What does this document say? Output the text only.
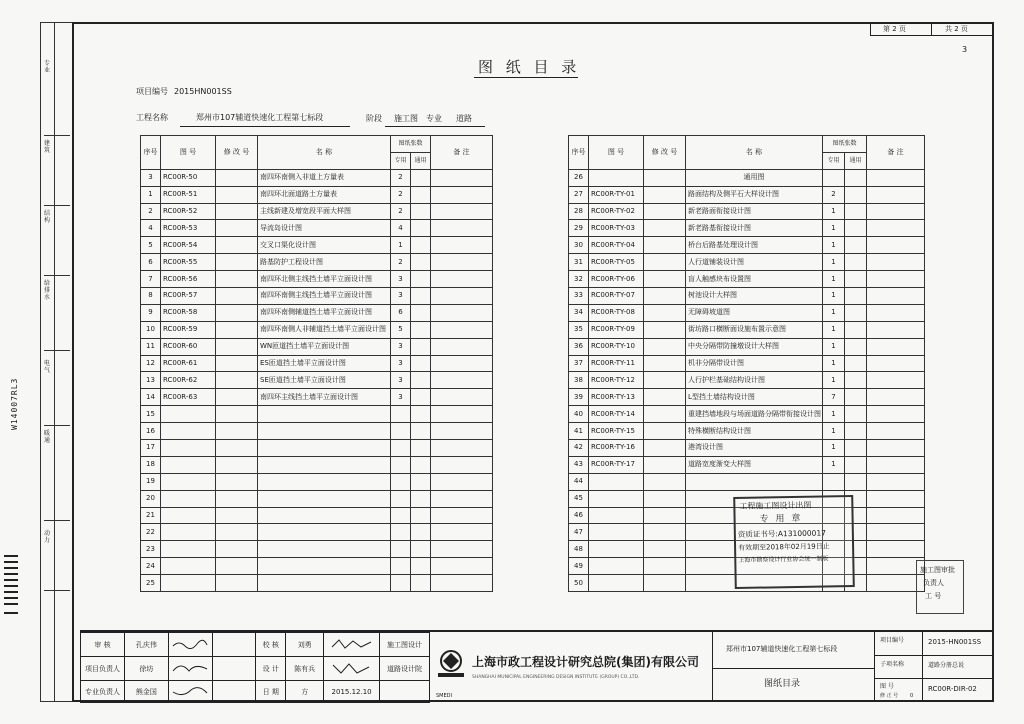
专 业
建 筑
结 构
给 排 水
电 气
暖 通
动 力
W14007RL3
第 2 页	共 2 页
3
图 纸 目 录
项目编号 2015HN001SS
工程名称	郑州市107辅道快速化工程第七标段	阶段 施工图 专业 道路
序号	图 号	修 改 号	名 称	图纸张数		备 注
				专用	通用	
3	RC00R-50		南四环南侧入非道上方量表	2		
1	RC00R-51		南四环北面道路土方量表	2		
2	RC00R-52		主线新建及增宽段平面大样图	2		
4	RC00R-53		导流岛设计图	4		
5	RC00R-54		交叉口渠化设计图	1		
6	RC00R-55		路基防护工程设计图	2		
7	RC00R-56		南四环北侧主线挡土墙平立面设计图	3		
8	RC00R-57		南四环南侧主线挡土墙平立面设计图	3		
9	RC00R-58		南四环南侧辅道挡土墙平立面设计图	6		
10	RC00R-59		南四环南侧人非辅道挡土墙平立面设计图	5		
11	RC00R-60		WN匝道挡土墙平立面设计图	3		
12	RC00R-61		ES匝道挡土墙平立面设计图	3		
13	RC00R-62		SE匝道挡土墙平立面设计图	3		
14	RC00R-63		南四环主线挡土墙平立面设计图	3		
15						
16						
17						
18						
19						
20						
21						
22						
23						
24						
25						
序号	图 号	修 改 号	名 称	图纸张数		备 注
				专用	通用	
26			通用图			
27	RC00R-TY-01		路面结构及侧平石大样设计图	2		
28	RC00R-TY-02		新老路面衔接设计图	1		
29	RC00R-TY-03		新老路基衔接设计图	1		
30	RC00R-TY-04		桥台后路基处理设计图	1		
31	RC00R-TY-05		人行道铺装设计图	1		
32	RC00R-TY-06		盲人触感块布设置图	1		
33	RC00R-TY-07		树池设计大样图	1		
34	RC00R-TY-08		无障碍坡道图	1		
35	RC00R-TY-09		街坊路口横断面设施布置示意图	1		
36	RC00R-TY-10		中央分隔带防撞墩设计大样图	1		
37	RC00R-TY-11		机非分隔带设计图	1		
38	RC00R-TY-12		人行护栏基础结构设计图	1		
39	RC00R-TY-13		L型挡土墙结构设计图	7		
40	RC00R-TY-14		重建挡墙地段与场面道路分隔带衔接设计图	1		
41	RC00R-TY-15		特殊横断结构设计图	1		
42	RC00R-TY-16		港湾设计图	1		
43	RC00R-TY-17		道路宽度渐变大样图	1		
44						
45						
46						
47						
48						
49						
50						
工程施工图设计出图
专 用 章
资质证书号:A131000017
有效期至2018年02月19日止
上海市勘察设计行业协会统一制版
施工图审批
负责人
工 号
审 核	孔庆伟			校 核	刘勇		施工图设计
项目负责人	徐坊			设 计	陈有兵		道路设计院
专业负责人	熊金国			日 期	方	2015.12.10	
SMEDI
上海市政工程设计研究总院(集团)有限公司
SHANGHAI MUNICIPAL ENGINEERING DESIGN INSTITUTE (GROUP) CO.,LTD.
郑州市107辅道快速化工程第七标段
图纸目录
项目编号	2015-HN001SS
子项名称	道路分册总说
图 号	RC00R-DIR-02
修 正 号 0
